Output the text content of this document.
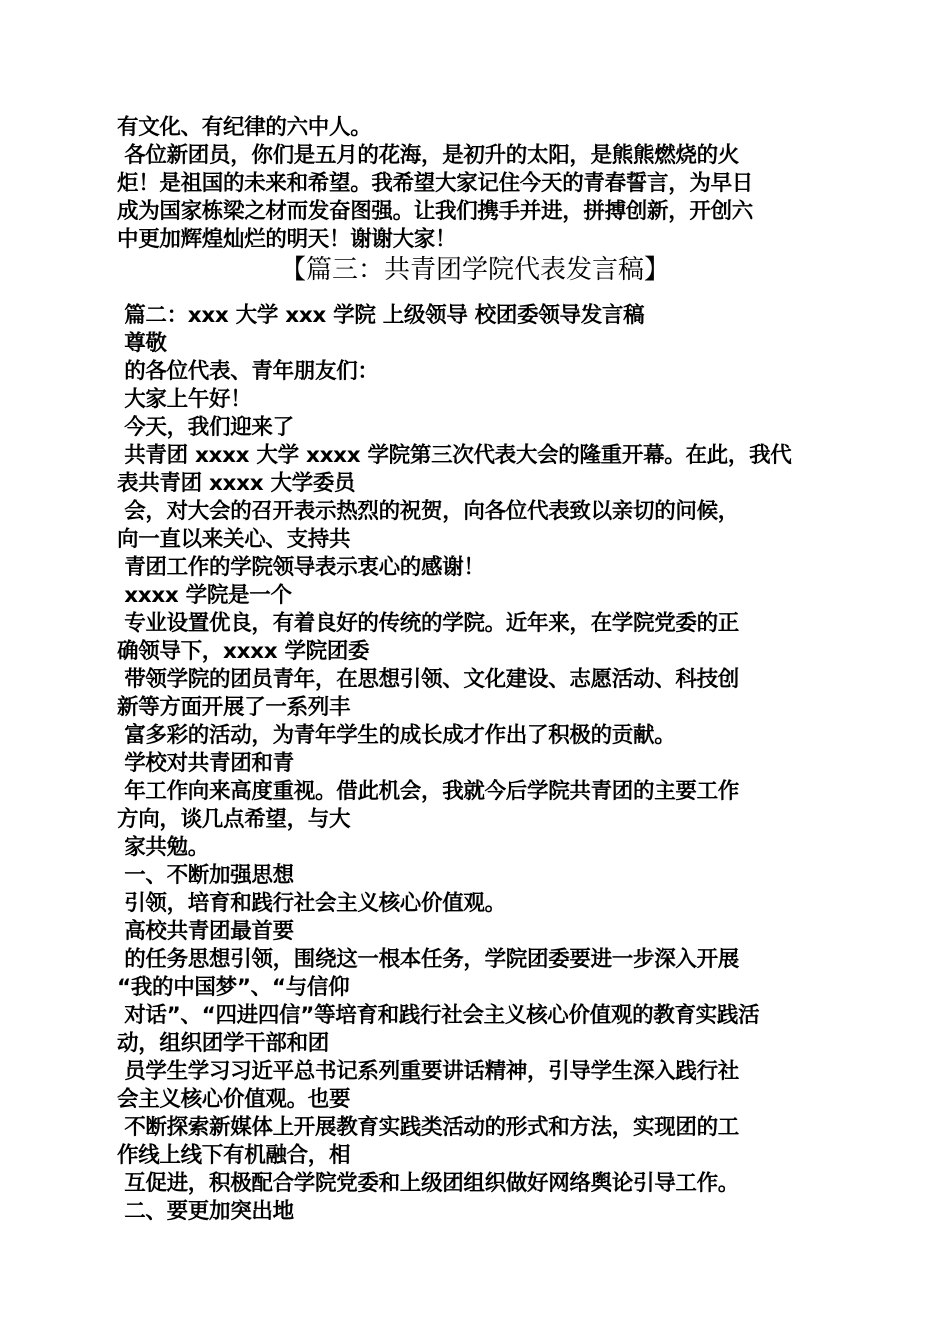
有文化、有纪律的六中人。

各位新团员，你们是五月的花海，是初升的太阳，是熊熊燃烧的火

炬！是祖国的未来和希望。我希望大家记住今天的青春誓言，为早日

成为国家栋梁之材而发奋图强。让我们携手并进，拼搏创新，开创六

中更加辉煌灿烂的明天！谢谢大家！

【篇三：共青团学院代表发言稿】

篇二：xxx 大学 xxx 学院 上级领导 校团委领导发言稿

尊敬

的各位代表、青年朋友们：

大家上午好！

今天，我们迎来了

共青团 xxxx 大学 xxxx 学院第三次代表大会的隆重开幕。在此，我代

表共青团 xxxx 大学委员

会，对大会的召开表示热烈的祝贺，向各位代表致以亲切的问候，

向一直以来关心、支持共

青团工作的学院领导表示衷心的感谢！

xxxx 学院是一个

专业设置优良，有着良好的传统的学院。近年来，在学院党委的正

确领导下，xxxx 学院团委

带领学院的团员青年，在思想引领、文化建设、志愿活动、科技创

新等方面开展了一系列丰

富多彩的活动，为青年学生的成长成才作出了积极的贡献。

学校对共青团和青

年工作向来高度重视。借此机会，我就今后学院共青团的主要工作

方向，谈几点希望，与大

家共勉。

一、不断加强思想

引领，培育和践行社会主义核心价值观。

高校共青团最首要

的任务思想引领，围绕这一根本任务，学院团委要进一步深入开展

“我的中国梦”、“与信仰

对话”、“四进四信”等培育和践行社会主义核心价值观的教育实践活

动，组织团学干部和团

员学生学习习近平总书记系列重要讲话精神，引导学生深入践行社

会主义核心价值观。也要

不断探索新媒体上开展教育实践类活动的形式和方法，实现团的工

作线上线下有机融合，相

互促进，积极配合学院党委和上级团组织做好网络舆论引导工作。

二、要更加突出地
